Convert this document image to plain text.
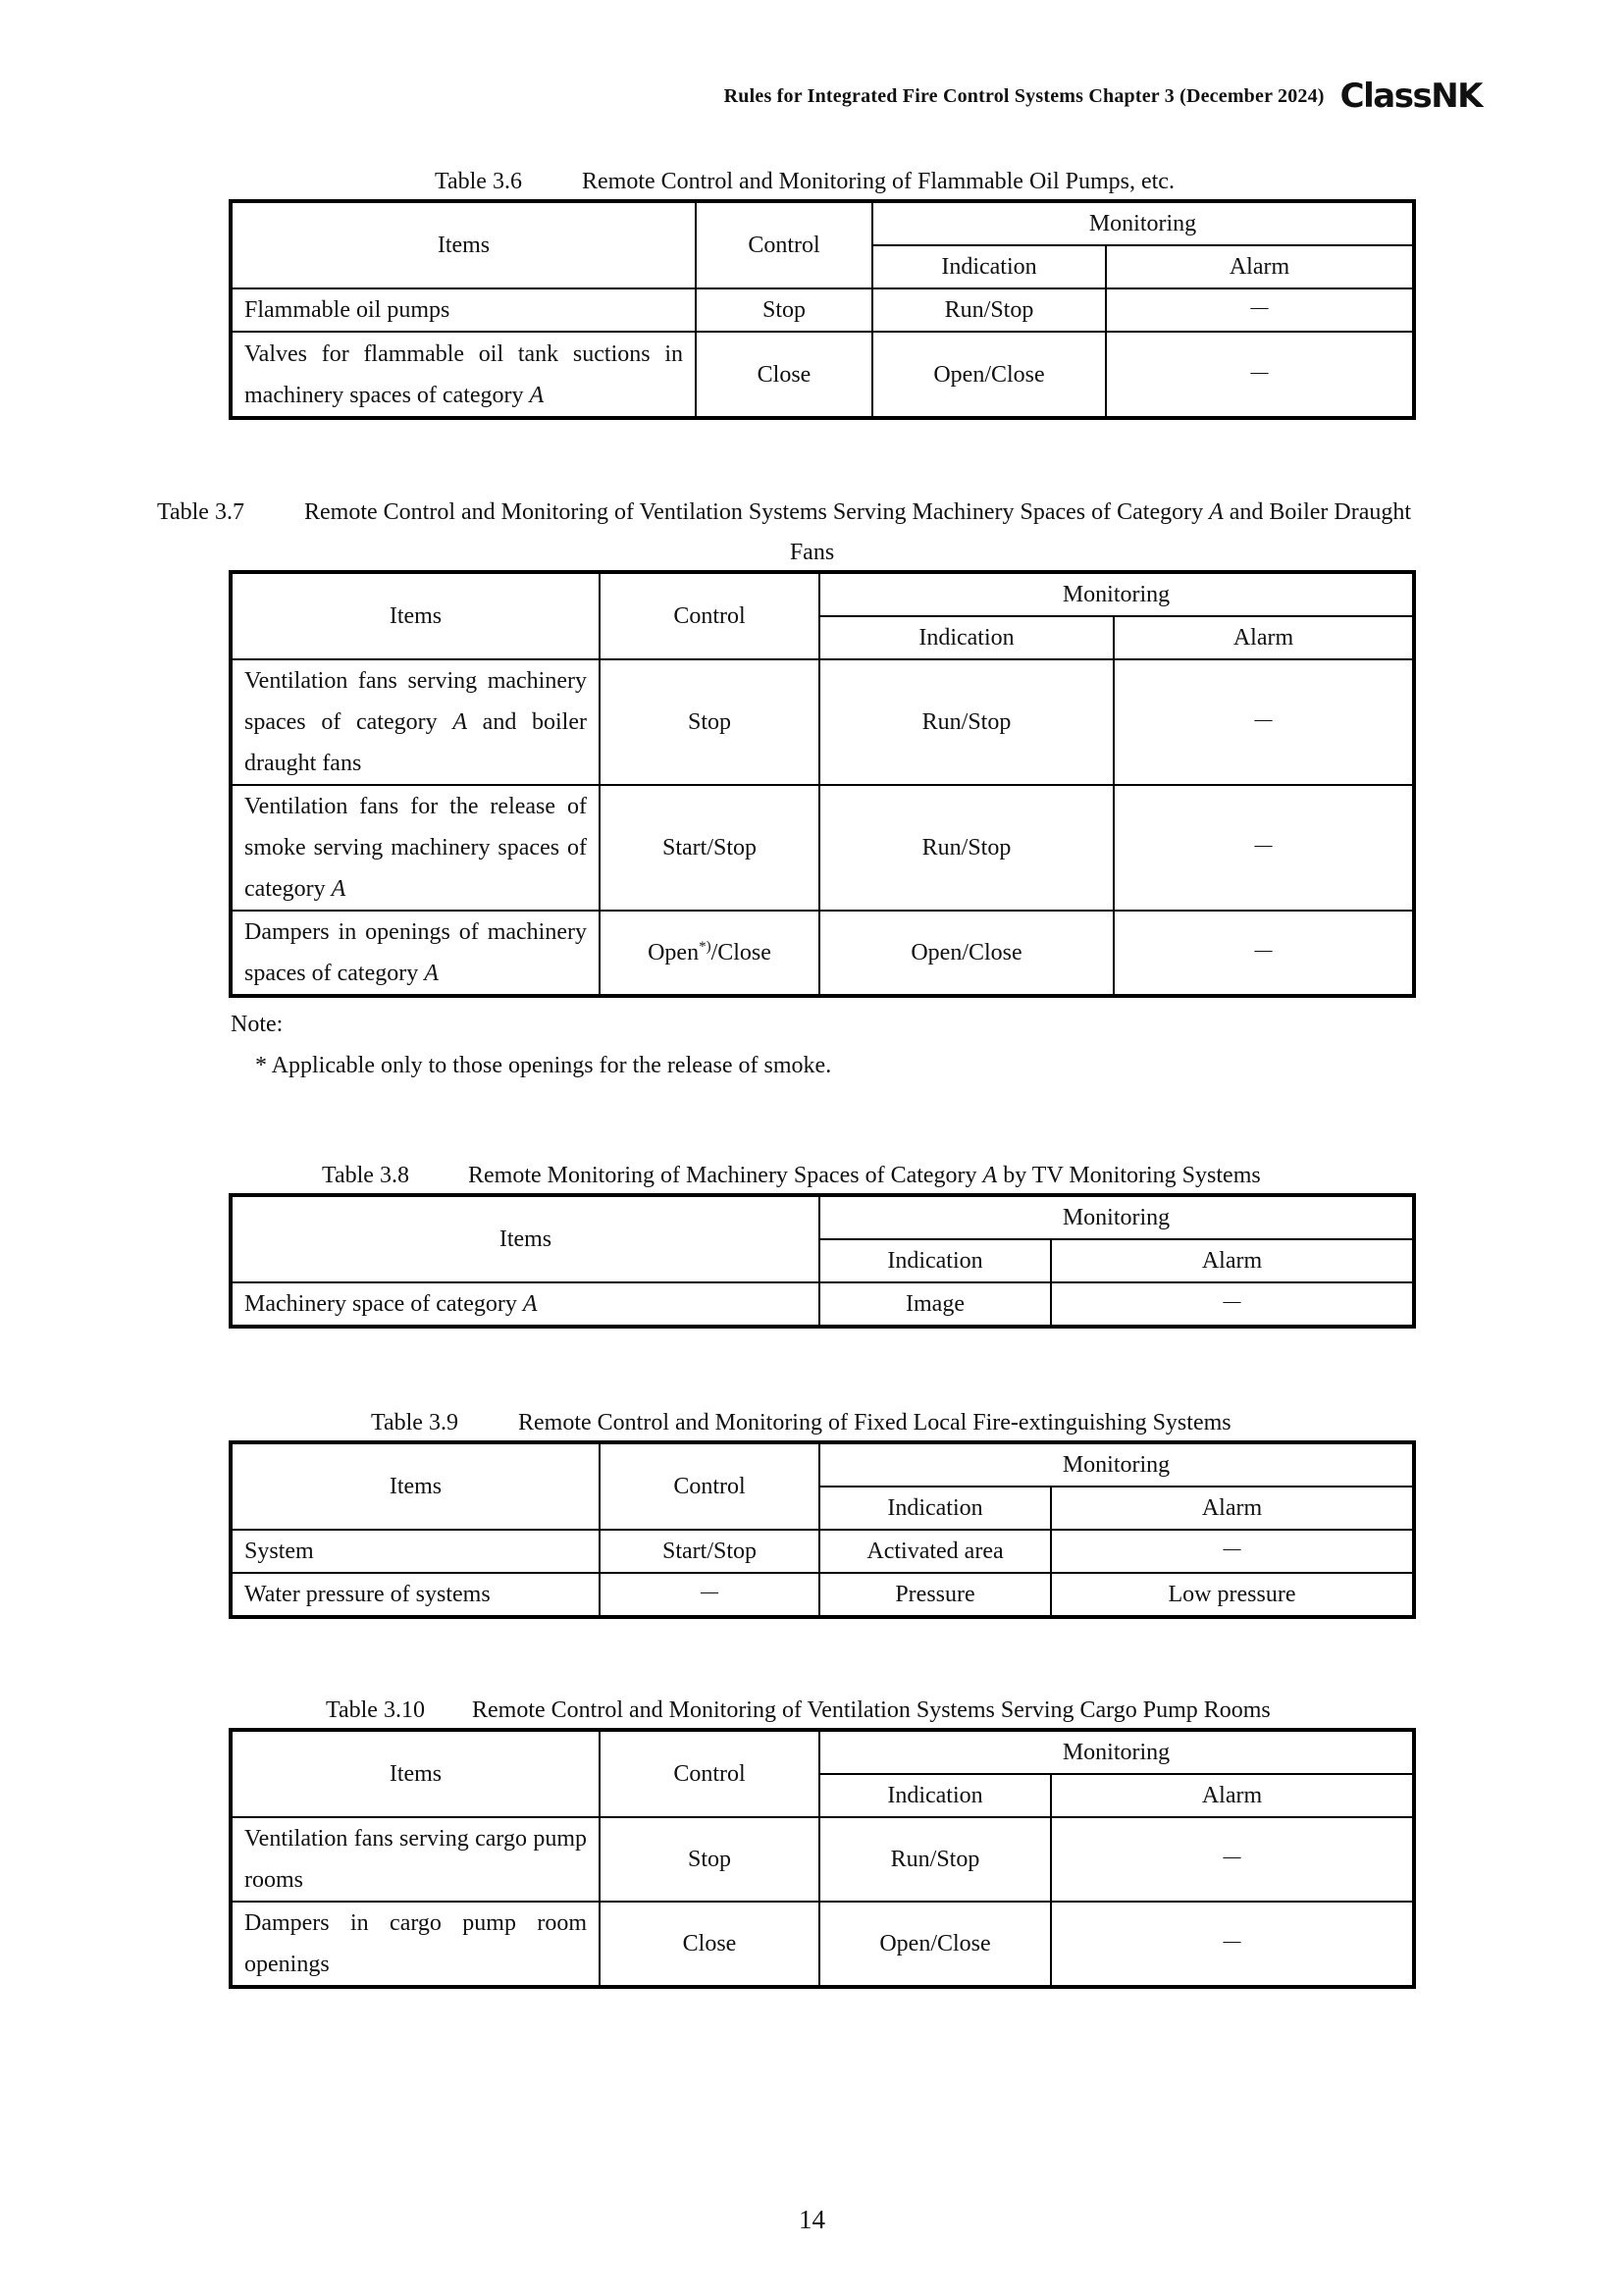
Rules for Integrated Fire Control Systems Chapter 3 (December 2024) ClassNK
Table 3.6	Remote Control and Monitoring of Flammable Oil Pumps, etc.
Items	Control	Monitoring	
		Indication	Alarm
Flammable oil pumps	Stop	Run/Stop	－
Valves for flammable oil tank suctions in machinery spaces of category A	Close	Open/Close	－
Table 3.7	Remote Control and Monitoring of Ventilation Systems Serving Machinery Spaces of Category A and Boiler Draught
Fans
Items	Control	Monitoring	
		Indication	Alarm
Ventilation fans serving machinery spaces of category A and boiler draught fans	Stop	Run/Stop	－
Ventilation fans for the release of smoke serving machinery spaces of category A	Start/Stop	Run/Stop	－
Dampers in openings of machinery spaces of category A	Open*)/Close	Open/Close	－
Note:
* Applicable only to those openings for the release of smoke.
Table 3.8	Remote Monitoring of Machinery Spaces of Category A by TV Monitoring Systems
Items	Monitoring	
	Indication	Alarm
Machinery space of category A	Image	－
Table 3.9	Remote Control and Monitoring of Fixed Local Fire-extinguishing Systems
Items	Control	Monitoring	
		Indication	Alarm
System	Start/Stop	Activated area	－
Water pressure of systems	－	Pressure	Low pressure
Table 3.10 Remote Control and Monitoring of Ventilation Systems Serving Cargo Pump Rooms
Items	Control	Monitoring	
		Indication	Alarm
Ventilation fans serving cargo pump rooms	Stop	Run/Stop	－
Dampers in cargo pump room openings	Close	Open/Close	－
14
